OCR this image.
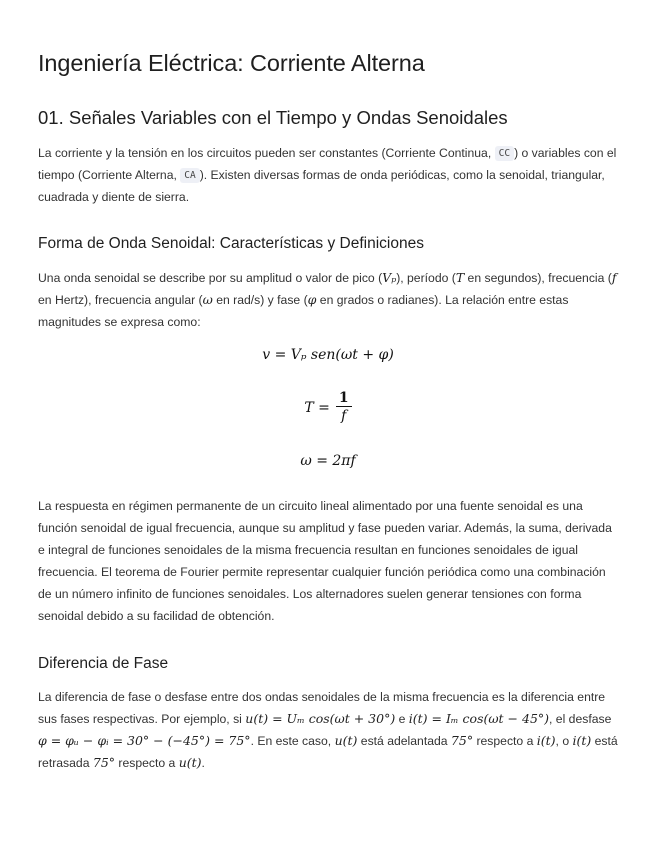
Ingeniería Eléctrica: Corriente Alterna
01. Señales Variables con el Tiempo y Ondas Senoidales

La corriente y la tensión en los circuitos pueden ser constantes (Corriente Continua, CC ) o variables con el tiempo (Corriente Alterna, CA ). Existen diversas formas de onda periódicas, como la senoidal, triangular, cuadrada y diente de sierra.

Forma de Onda Senoidal: Características y Definiciones

Una onda senoidal se describe por su amplitud o valor de pico (Vₚ), período (T en segundos), frecuencia (f en Hertz), frecuencia angular (ω en rad/s) y fase (φ en grados o radianes). La relación entre estas magnitudes se expresa como:

v = Vₚ sen(ωt + φ)
$T = \frac{1}{f}$
ω = 2πf

La respuesta en régimen permanente de un circuito lineal alimentado por una fuente senoidal es una función senoidal de igual frecuencia, aunque su amplitud y fase pueden variar. Además, la suma, derivada e integral de funciones senoidales de la misma frecuencia resultan en funciones senoidales de igual frecuencia. El teorema de Fourier permite representar cualquier función periódica como una combinación de un número infinito de funciones senoidales. Los alternadores suelen generar tensiones con forma senoidal debido a su facilidad de obtención.

Diferencia de Fase

La diferencia de fase o desfase entre dos ondas senoidales de la misma frecuencia es la diferencia entre sus fases respectivas. Por ejemplo, si u(t) = Uₘ cos(ωt + 30°) e i(t) = Iₘ cos(ωt − 45°), el desfase φ = φᵤ − φᵢ = 30° − (−45°) = 75°. En este caso, u(t) está adelantada 75° respecto a i(t), o i(t) está retrasada 75° respecto a u(t).
